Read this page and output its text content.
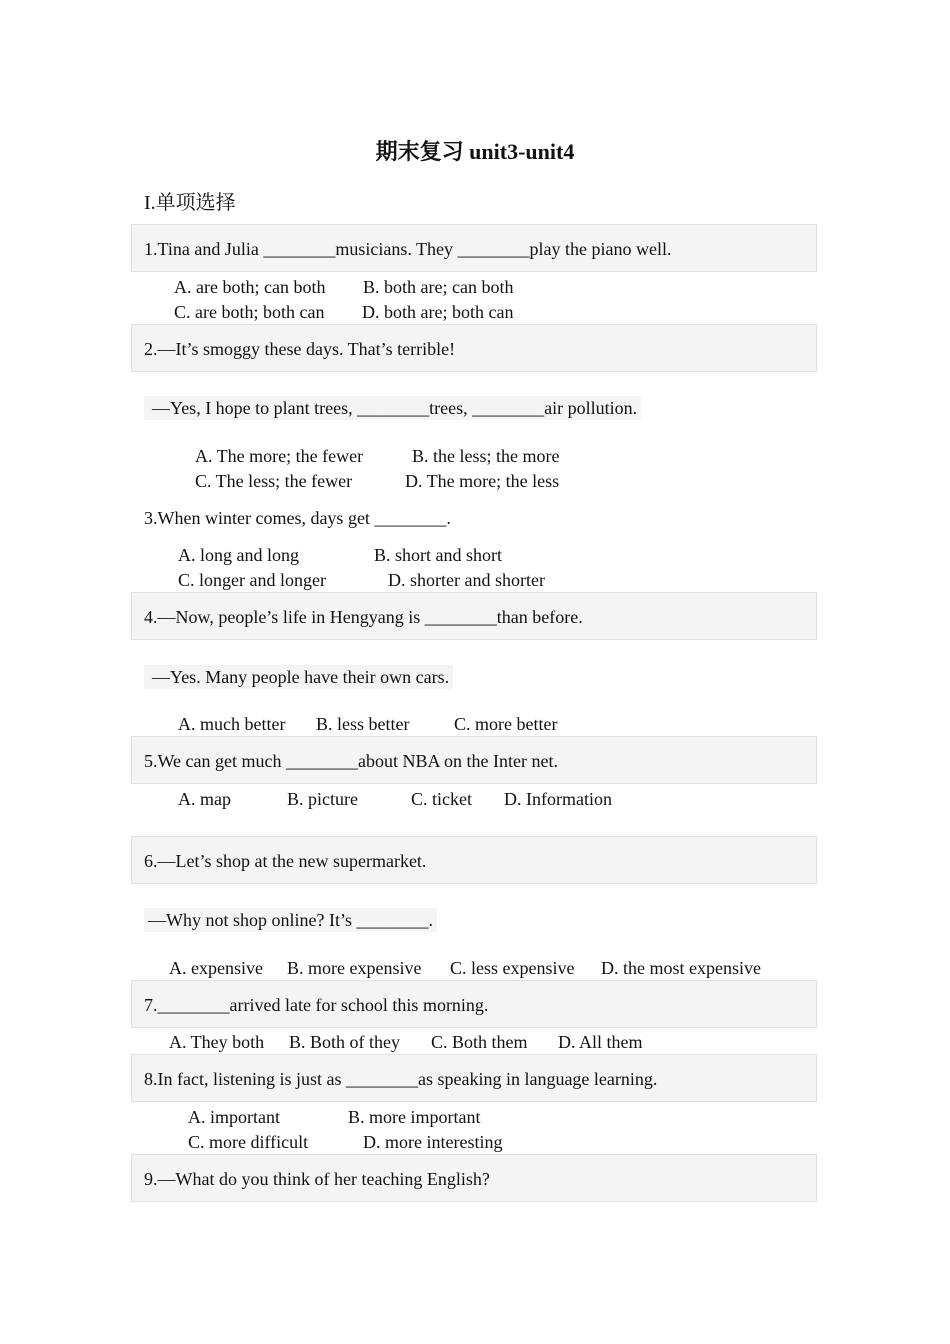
期末复习 unit3-unit4
I.单项选择
1.Tina and Julia ________musicians. They ________play the piano well.
A. are both; can both B. both are; can both
C. are both; both can D. both are; both can
2.—It’s smoggy these days. That’s terrible!
—Yes, I hope to plant trees, ________trees, ________air pollution.
A. The more; the fewer	B. the less; the more
C. The less; the fewer	D. The more; the less
3.When winter comes, days get ________.
A. long and long	B. short and short
C. longer and longer	D. shorter and shorter
4.—Now, people’s life in Hengyang is ________than before.
—Yes. Many people have their own cars.
A. much better B. less better C. more better
5.We can get much ________about NBA on the Inter net.
A. map	B. picture	C. ticket D. Information
6.—Let’s shop at the new supermarket.
—Why not shop online? It’s ________.
A. expensive B. more expensive C. less expensive D. the most expensive
7.________arrived late for school this morning.
A. They both B. Both of they C. Both them D. All them
8.In fact, listening is just as ________as speaking in language learning.
A. important	B. more important
C. more difficult	D. more interesting
9.—What do you think of her teaching English?
